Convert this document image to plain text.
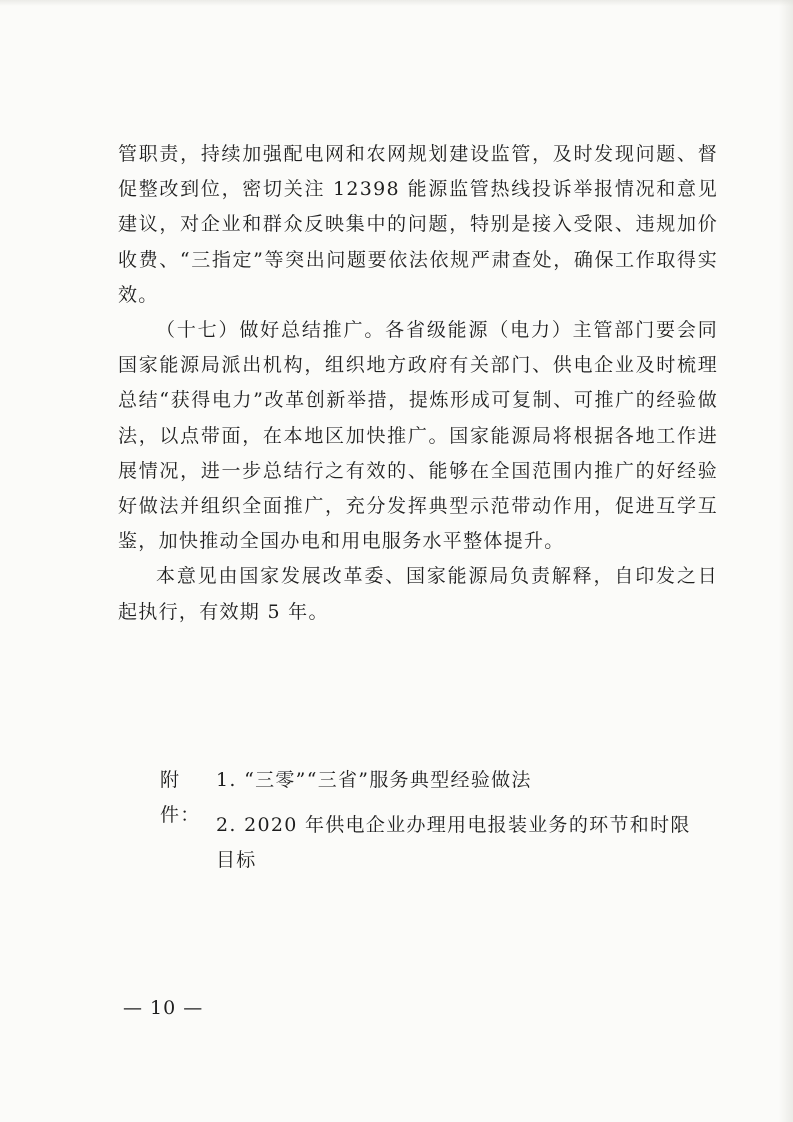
管职责，持续加强配电网和农网规划建设监管，及时发现问题、督促整改到位，密切关注 12398 能源监管热线投诉举报情况和意见建议，对企业和群众反映集中的问题，特别是接入受限、违规加价收费、“三指定”等突出问题要依法依规严肃查处，确保工作取得实效。

（十七）做好总结推广。各省级能源（电力）主管部门要会同国家能源局派出机构，组织地方政府有关部门、供电企业及时梳理总结“获得电力”改革创新举措，提炼形成可复制、可推广的经验做法，以点带面，在本地区加快推广。国家能源局将根据各地工作进展情况，进一步总结行之有效的、能够在全国范围内推广的好经验好做法并组织全面推广，充分发挥典型示范带动作用，促进互学互鉴，加快推动全国办电和用电服务水平整体提升。

本意见由国家发展改革委、国家能源局负责解释，自印发之日起执行，有效期 5 年。

附件：
1. “三零”“三省”服务典型经验做法
2. 2020 年供电企业办理用电报装业务的环节和时限目标
— 10 —
